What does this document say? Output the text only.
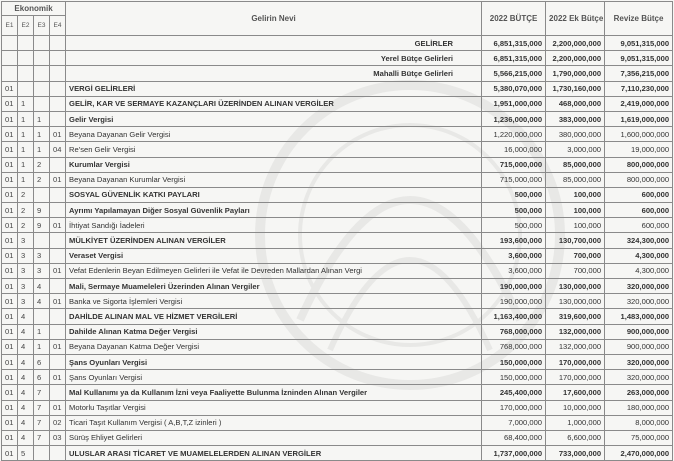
Ekonomik				Gelirin Nevi	2022 BÜTÇE	2022 Ek Bütçe	Revize Bütçe
E1	E2	E3	E4				
				GELİRLER	6,851,315,000	2,200,000,000	9,051,315,000
				Yerel Bütçe Gelirleri	6,851,315,000	2,200,000,000	9,051,315,000
				Mahalli Bütçe Gelirleri	5,566,215,000	1,790,000,000	7,356,215,000
01				VERGİ GELİRLERİ	5,380,070,000	1,730,160,000	7,110,230,000
01	1			GELİR, KAR VE SERMAYE KAZANÇLARI ÜZERİNDEN ALINAN VERGİLER	1,951,000,000	468,000,000	2,419,000,000
01	1	1		Gelir Vergisi	1,236,000,000	383,000,000	1,619,000,000
01	1	1	01	Beyana Dayanan Gelir Vergisi	1,220,000,000	380,000,000	1,600,000,000
01	1	1	04	Re'sen Gelir Vergisi	16,000,000	3,000,000	19,000,000
01	1	2		Kurumlar Vergisi	715,000,000	85,000,000	800,000,000
01	1	2	01	Beyana Dayanan Kurumlar Vergisi	715,000,000	85,000,000	800,000,000
01	2			SOSYAL GÜVENLİK KATKI PAYLARI	500,000	100,000	600,000
01	2	9		Ayrımı Yapılamayan Diğer Sosyal Güvenlik Payları	500,000	100,000	600,000
01	2	9	01	İhtiyat Sandığı İadeleri	500,000	100,000	600,000
01	3			MÜLKİYET ÜZERİNDEN ALINAN VERGİLER	193,600,000	130,700,000	324,300,000
01	3	3		Veraset Vergisi	3,600,000	700,000	4,300,000
01	3	3	01	Vefat Edenlerin Beyan Edilmeyen Gelirleri ile Vefat ile Devreden Mallardan Alınan Vergi	3,600,000	700,000	4,300,000
01	3	4		Mali, Sermaye Muameleleri Üzerinden Alınan Vergiler	190,000,000	130,000,000	320,000,000
01	3	4	01	Banka ve Sigorta İşlemleri Vergisi	190,000,000	130,000,000	320,000,000
01	4			DAHİLDE ALINAN MAL VE HİZMET VERGİLERİ	1,163,400,000	319,600,000	1,483,000,000
01	4	1		Dahilde Alınan Katma Değer Vergisi	768,000,000	132,000,000	900,000,000
01	4	1	01	Beyana Dayanan Katma Değer Vergisi	768,000,000	132,000,000	900,000,000
01	4	6		Şans Oyunları Vergisi	150,000,000	170,000,000	320,000,000
01	4	6	01	Şans Oyunları Vergisi	150,000,000	170,000,000	320,000,000
01	4	7		Mal Kullanımı ya da Kullanım İzni veya Faaliyette Bulunma İzninden Alınan Vergiler	245,400,000	17,600,000	263,000,000
01	4	7	01	Motorlu Taşıtlar Vergisi	170,000,000	10,000,000	180,000,000
01	4	7	02	Ticari Taşıt Kullanım Vergisi ( A,B,T,Z izinleri )	7,000,000	1,000,000	8,000,000
01	4	7	03	Sürüş Ehliyet Gelirleri	68,400,000	6,600,000	75,000,000
01	5			ULUSLAR ARASI TİCARET VE MUAMELELERDEN ALINAN VERGİLER	1,737,000,000	733,000,000	2,470,000,000
